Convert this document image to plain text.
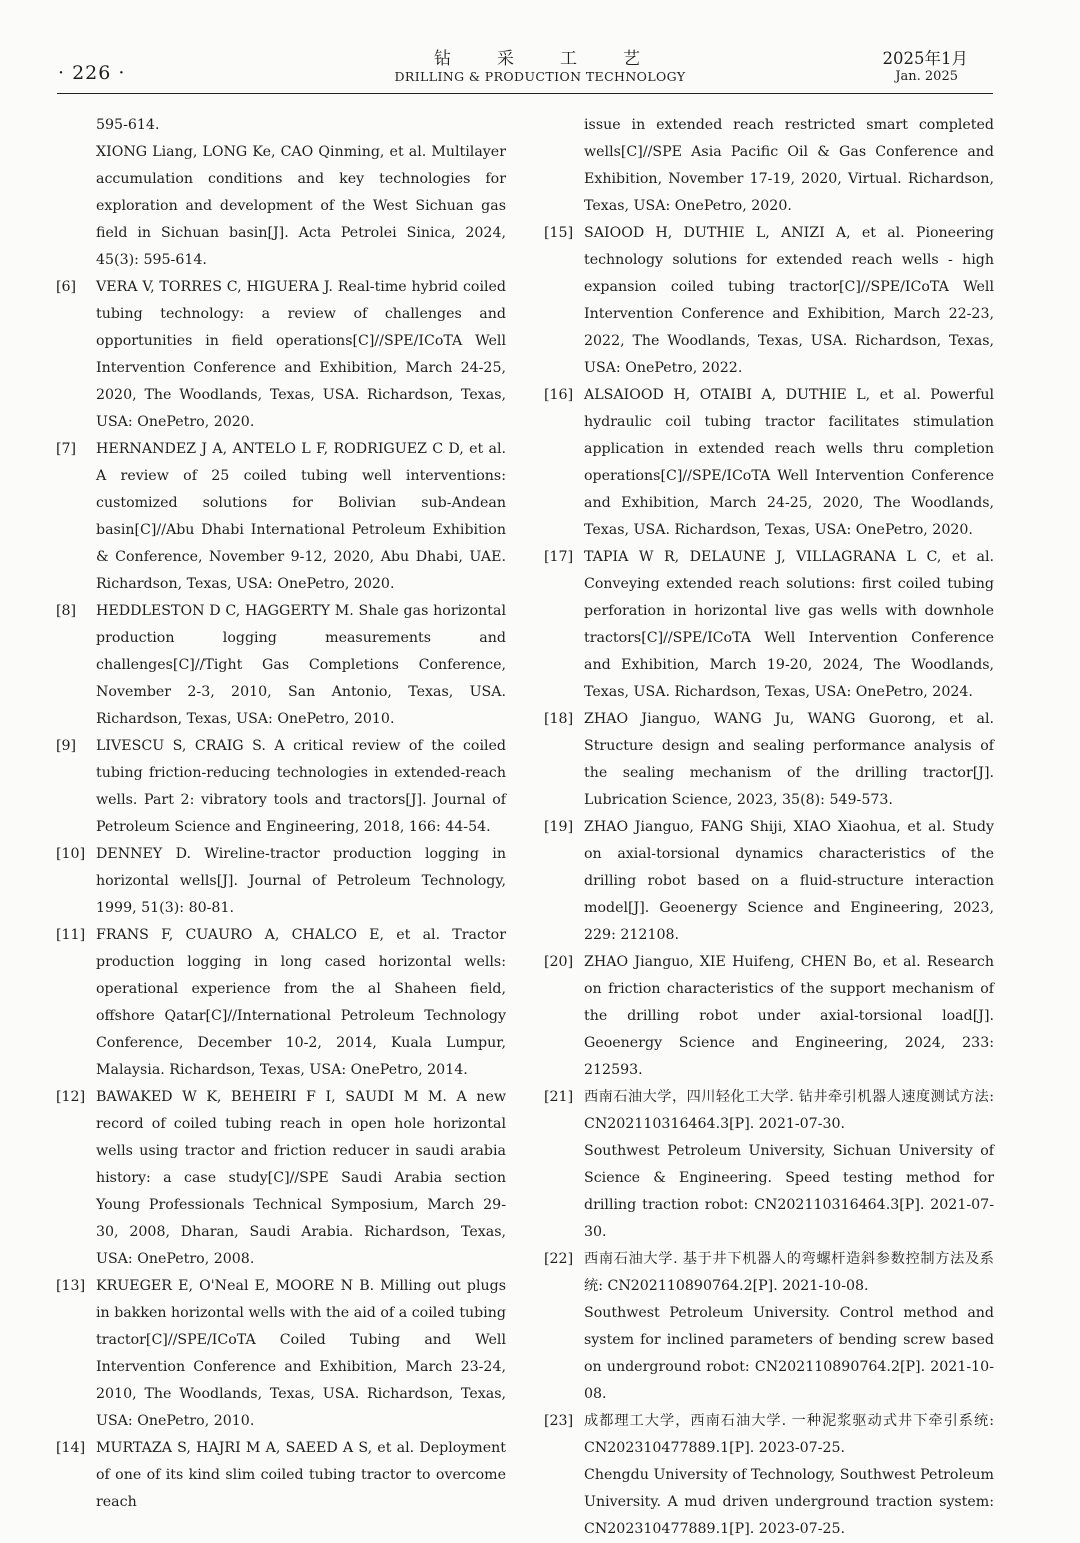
· 226 ·
钻采工艺
DRILLING & PRODUCTION TECHNOLOGY
2025年1月
Jan. 2025

595-614.

XIONG Liang, LONG Ke, CAO Qinming, et al. Multilayer accumulation conditions and key technologies for exploration and development of the West Sichuan gas field in Sichuan basin[J]. Acta Petrolei Sinica, 2024, 45(3): 595-614.

[6] VERA V, TORRES C, HIGUERA J. Real-time hybrid coiled tubing technology: a review of challenges and opportunities in field operations[C]//SPE/ICoTA Well Intervention Conference and Exhibition, March 24-25, 2020, The Woodlands, Texas, USA. Richardson, Texas, USA: OnePetro, 2020.

[7] HERNANDEZ J A, ANTELO L F, RODRIGUEZ C D, et al. A review of 25 coiled tubing well interventions: customized solutions for Bolivian sub-Andean basin[C]//Abu Dhabi International Petroleum Exhibition & Conference, November 9-12, 2020, Abu Dhabi, UAE. Richardson, Texas, USA: OnePetro, 2020.

[8] HEDDLESTON D C, HAGGERTY M. Shale gas horizontal production logging measurements and challenges[C]//Tight Gas Completions Conference, November 2-3, 2010, San Antonio, Texas, USA. Richardson, Texas, USA: OnePetro, 2010.

[9] LIVESCU S, CRAIG S. A critical review of the coiled tubing friction-reducing technologies in extended-reach wells. Part 2: vibratory tools and tractors[J]. Journal of Petroleum Science and Engineering, 2018, 166: 44-54.

[10] DENNEY D. Wireline-tractor production logging in horizontal wells[J]. Journal of Petroleum Technology, 1999, 51(3): 80-81.

[11] FRANS F, CUAURO A, CHALCO E, et al. Tractor production logging in long cased horizontal wells: operational experience from the al Shaheen field, offshore Qatar[C]//International Petroleum Technology Conference, December 10-2, 2014, Kuala Lumpur, Malaysia. Richardson, Texas, USA: OnePetro, 2014.

[12] BAWAKED W K, BEHEIRI F I, SAUDI M M. A new record of coiled tubing reach in open hole horizontal wells using tractor and friction reducer in saudi arabia history: a case study[C]//SPE Saudi Arabia section Young Professionals Technical Symposium, March 29-30, 2008, Dharan, Saudi Arabia. Richardson, Texas, USA: OnePetro, 2008.

[13] KRUEGER E, O'Neal E, MOORE N B. Milling out plugs in bakken horizontal wells with the aid of a coiled tubing tractor[C]//SPE/ICoTA Coiled Tubing and Well Intervention Conference and Exhibition, March 23-24, 2010, The Woodlands, Texas, USA. Richardson, Texas, USA: OnePetro, 2010.

[14] MURTAZA S, HAJRI M A, SAEED A S, et al. Deployment of one of its kind slim coiled tubing tractor to overcome reach

issue in extended reach restricted smart completed wells[C]//SPE Asia Pacific Oil & Gas Conference and Exhibition, November 17-19, 2020, Virtual. Richardson, Texas, USA: OnePetro, 2020.

[15] SAIOOD H, DUTHIE L, ANIZI A, et al. Pioneering technology solutions for extended reach wells - high expansion coiled tubing tractor[C]//SPE/ICoTA Well Intervention Conference and Exhibition, March 22-23, 2022, The Woodlands, Texas, USA. Richardson, Texas, USA: OnePetro, 2022.

[16] ALSAIOOD H, OTAIBI A, DUTHIE L, et al. Powerful hydraulic coil tubing tractor facilitates stimulation application in extended reach wells thru completion operations[C]//SPE/ICoTA Well Intervention Conference and Exhibition, March 24-25, 2020, The Woodlands, Texas, USA. Richardson, Texas, USA: OnePetro, 2020.

[17] TAPIA W R, DELAUNE J, VILLAGRANA L C, et al. Conveying extended reach solutions: first coiled tubing perforation in horizontal live gas wells with downhole tractors[C]//SPE/ICoTA Well Intervention Conference and Exhibition, March 19-20, 2024, The Woodlands, Texas, USA. Richardson, Texas, USA: OnePetro, 2024.

[18] ZHAO Jianguo, WANG Ju, WANG Guorong, et al. Structure design and sealing performance analysis of the sealing mechanism of the drilling tractor[J]. Lubrication Science, 2023, 35(8): 549-573.

[19] ZHAO Jianguo, FANG Shiji, XIAO Xiaohua, et al. Study on axial-torsional dynamics characteristics of the drilling robot based on a fluid-structure interaction model[J]. Geoenergy Science and Engineering, 2023, 229: 212108.

[20] ZHAO Jianguo, XIE Huifeng, CHEN Bo, et al. Research on friction characteristics of the support mechanism of the drilling robot under axial-torsional load[J]. Geoenergy Science and Engineering, 2024, 233: 212593.

[21] 西南石油大学，四川轻化工大学. 钻井牵引机器人速度测试方法: CN202110316464.3[P]. 2021-07-30.

Southwest Petroleum University, Sichuan University of Science & Engineering. Speed testing method for drilling traction robot: CN202110316464.3[P]. 2021-07-30.

[22] 西南石油大学. 基于井下机器人的弯螺杆造斜参数控制方法及系统: CN202110890764.2[P]. 2021-10-08.

Southwest Petroleum University. Control method and system for inclined parameters of bending screw based on underground robot: CN202110890764.2[P]. 2021-10-08.

[23] 成都理工大学，西南石油大学. 一种泥浆驱动式井下牵引系统: CN202310477889.1[P]. 2023-07-25.

Chengdu University of Technology, Southwest Petroleum University. A mud driven underground traction system: CN202310477889.1[P]. 2023-07-25.
